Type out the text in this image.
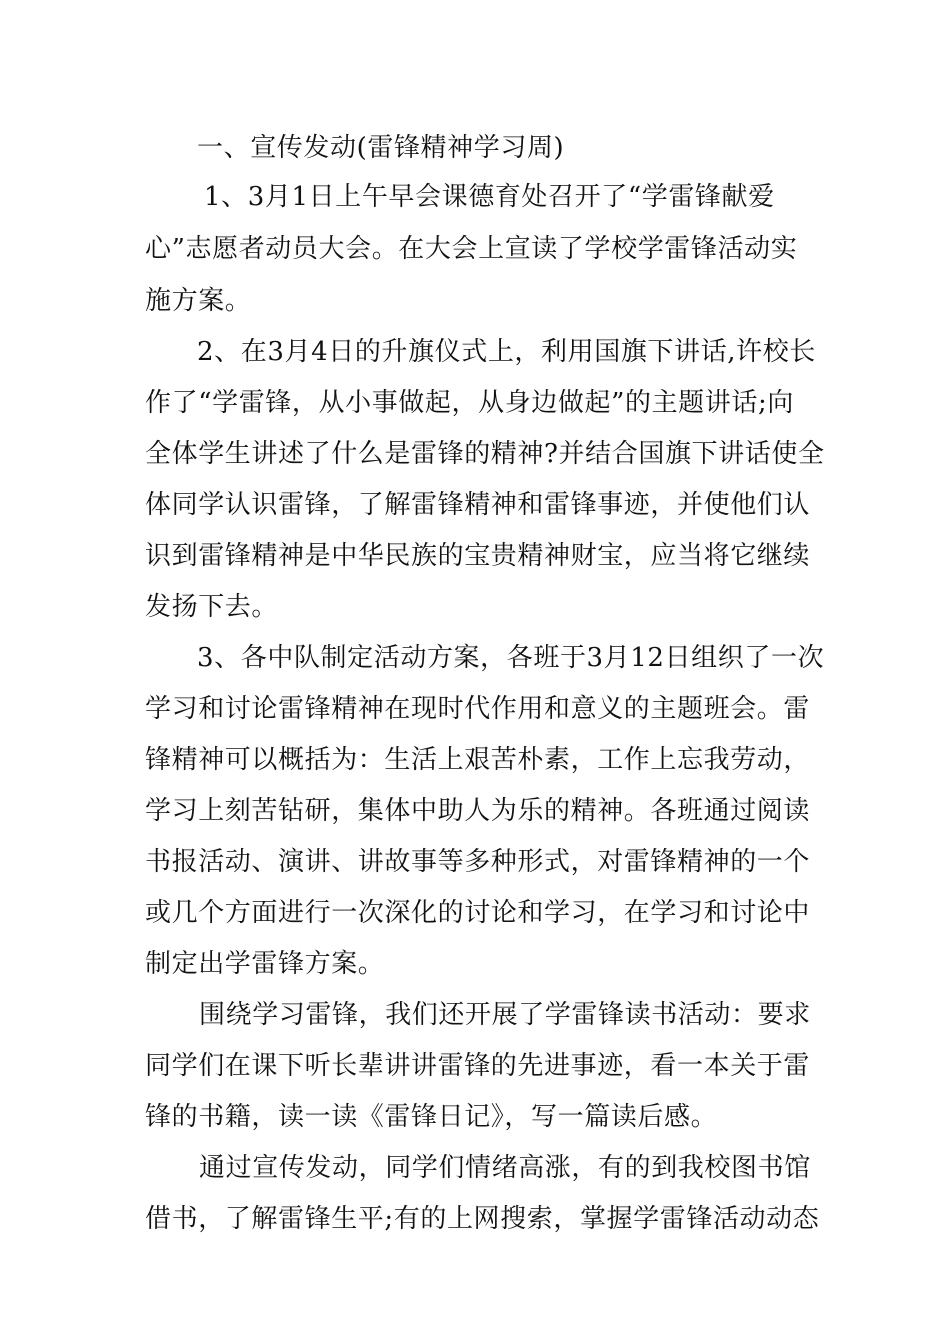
一、宣传发动(雷锋精神学习周)
1、3月1日上午早会课德育处召开了“学雷锋献爱
心”志愿者动员大会。在大会上宣读了学校学雷锋活动实
施方案。
2、在3月4日的升旗仪式上，利用国旗下讲话,许校长
作了“学雷锋，从小事做起，从身边做起”的主题讲话;向
全体学生讲述了什么是雷锋的精神?并结合国旗下讲话使全
体同学认识雷锋，了解雷锋精神和雷锋事迹，并使他们认
识到雷锋精神是中华民族的宝贵精神财宝，应当将它继续
发扬下去。
3、各中队制定活动方案，各班于3月12日组织了一次
学习和讨论雷锋精神在现时代作用和意义的主题班会。雷
锋精神可以概括为：生活上艰苦朴素，工作上忘我劳动，
学习上刻苦钻研，集体中助人为乐的精神。各班通过阅读
书报活动、演讲、讲故事等多种形式，对雷锋精神的一个
或几个方面进行一次深化的讨论和学习，在学习和讨论中
制定出学雷锋方案。
围绕学习雷锋，我们还开展了学雷锋读书活动：要求
同学们在课下听长辈讲讲雷锋的先进事迹，看一本关于雷
锋的书籍，读一读《雷锋日记》，写一篇读后感。
通过宣传发动，同学们情绪高涨，有的到我校图书馆
借书，了解雷锋生平;有的上网搜索，掌握学雷锋活动动态
